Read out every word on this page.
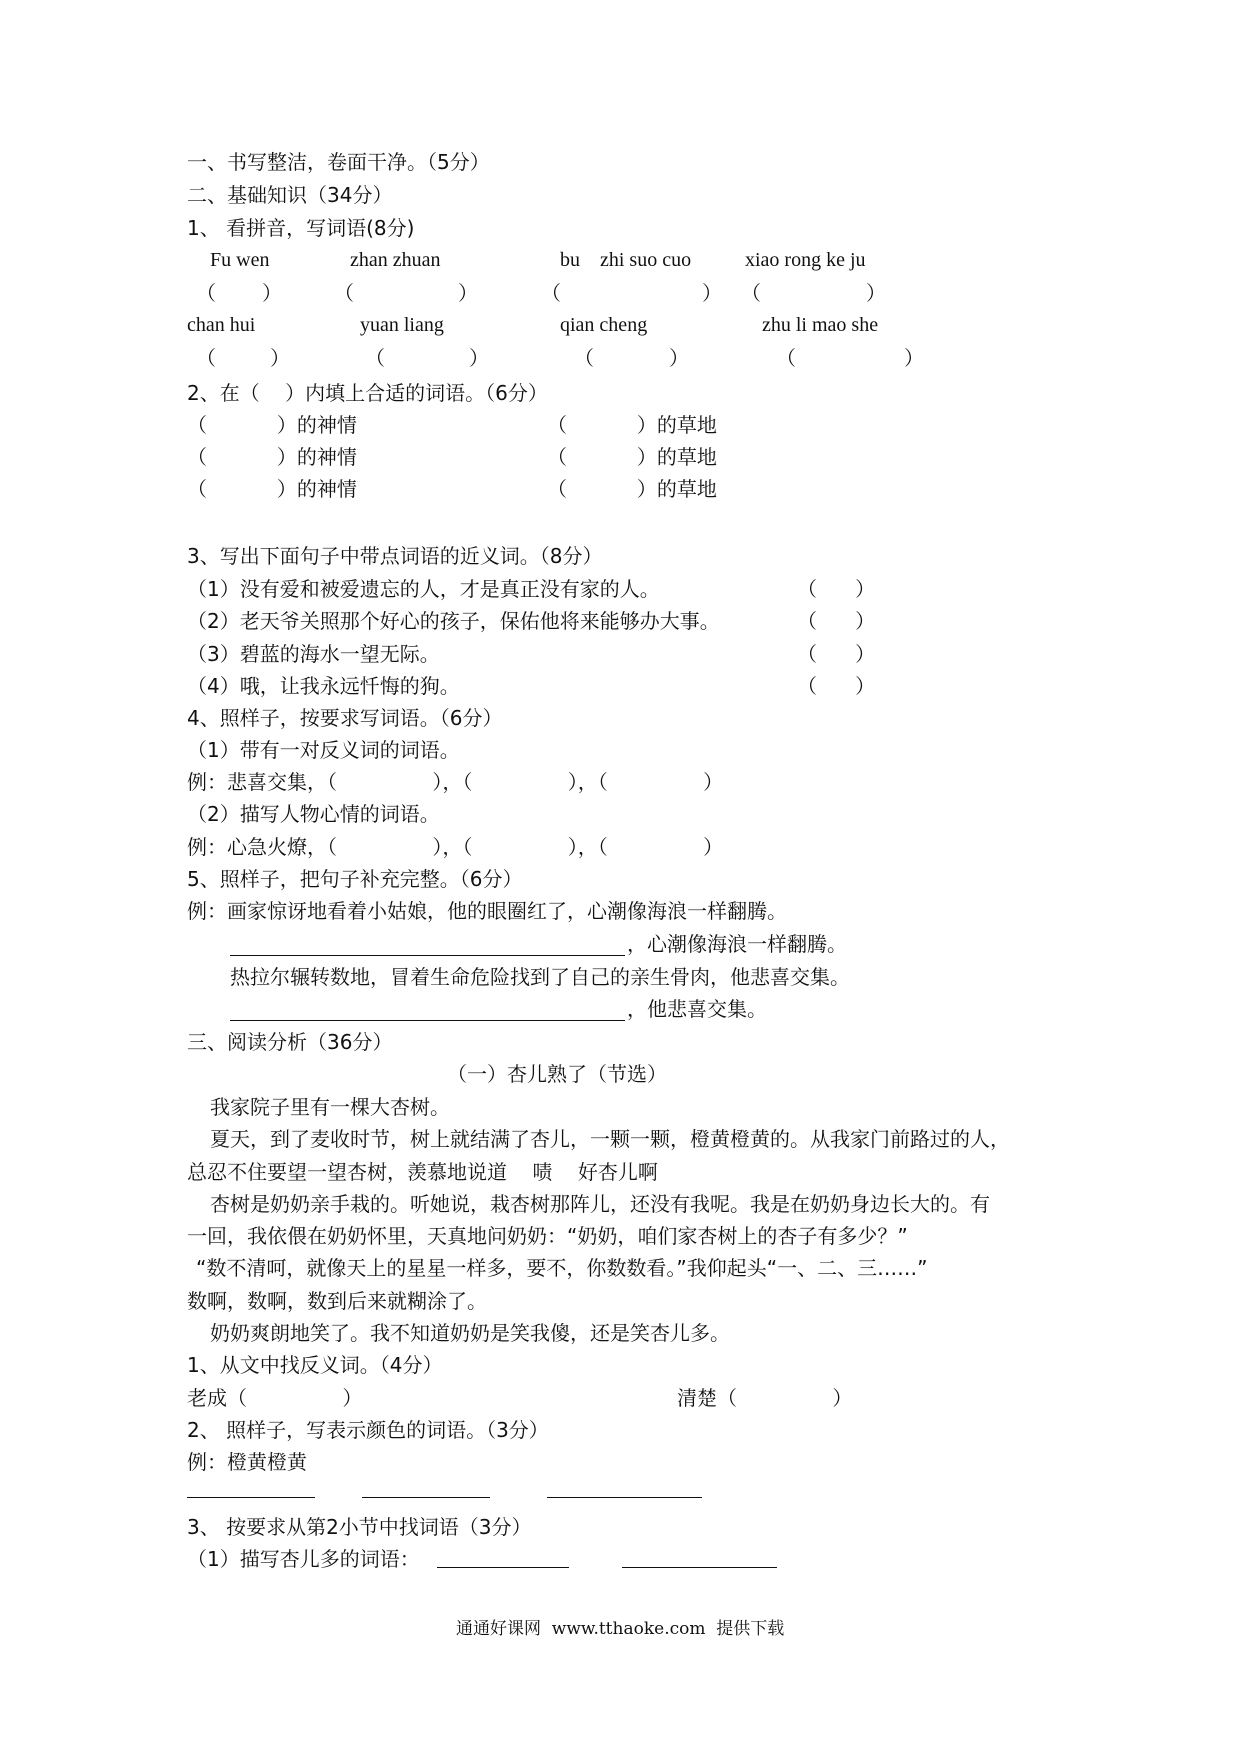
一、书写整洁，卷面干净。（5分）
二、基础知识（34分）
1、 看拼音，写词语(8分)
Fu wen	zhan zhuan	bu zhi suo cuo	xiao rong ke ju
（ ）	（	）	（	） （	）
chan hui	yuan liang	qian cheng	zhu li mao she
（	）	（	）	（	）	（	）
2、在（    ）内填上合适的词语。（6分）
（           ）的神情	（           ）的草地
（           ）的神情	（           ）的草地
（           ）的神情	（           ）的草地
3、写出下面句子中带点词语的近义词。（8分）
（1）没有爱和被爱遗忘的人，才是真正没有家的人。	（      ）
（2）老天爷关照那个好心的孩子，保佑他将来能够办大事。	（      ）
（3）碧蓝的海水一望无际。	（      ）
（4）哦，让我永远忏悔的狗。	（      ）
4、照样子，按要求写词语。（6分）
（1）带有一对反义词的词语。
例：悲喜交集，（               ），（               ），（               ）
（2）描写人物心情的词语。
例：心急火燎，（               ），（               ），（               ）
5、照样子，把句子补充完整。（6分）
例：画家惊讶地看着小姑娘，他的眼圈红了，心潮像海浪一样翻腾。
，心潮像海浪一样翻腾。
热拉尔辗转数地，冒着生命危险找到了自己的亲生骨肉，他悲喜交集。
，他悲喜交集。
三、阅读分析（36分）
（一）杏儿熟了（节选）
我家院子里有一棵大杏树。
夏天，到了麦收时节，树上就结满了杏儿，一颗一颗，橙黄橙黄的。从我家门前路过的人，
总忍不住要望一望杏树，羡慕地说道    啧    好杏儿啊
杏树是奶奶亲手栽的。听她说，栽杏树那阵儿，还没有我呢。我是在奶奶身边长大的。有
一回，我依偎在奶奶怀里，天真地问奶奶：“奶奶，咱们家杏树上的杏子有多少？”
“数不清呵，就像天上的星星一样多，要不，你数数看。”我仰起头“一、二、三……”
数啊，数啊，数到后来就糊涂了。
奶奶爽朗地笑了。我不知道奶奶是笑我傻，还是笑杏儿多。
1、从文中找反义词。（4分）
老成（               ）	清楚（               ）
2、 照样子，写表示颜色的词语。（3分）
例：橙黄橙黄
3、 按要求从第2小节中找词语（3分）
（1）描写杏儿多的词语：
通通好课网  www.tthaoke.com  提供下载
